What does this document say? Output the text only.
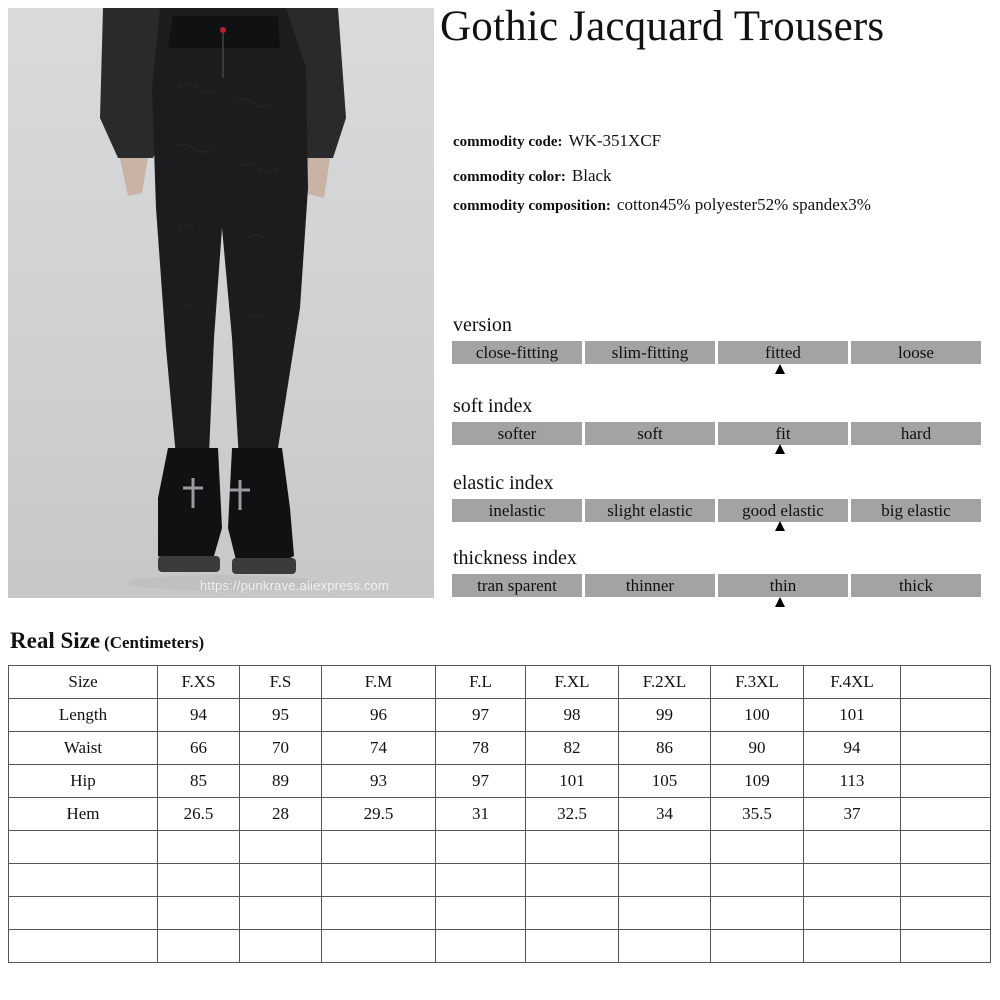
https://punkrave.aliexpress.com
Gothic Jacquard Trousers
commodity code: WK-351XCF
commodity color: Black
commodity composition: cotton45% polyester52% spandex3%
version
close-fitting	slim-fitting	fitted	loose
soft index
softer	soft	fit	hard
elastic index
inelastic	slight elastic	good elastic	big elastic
thickness index
tran sparent	thinner	thin	thick
Real Size (Centimeters)
Size	F.XS	F.S	F.M	F.L	F.XL	F.2XL	F.3XL	F.4XL	
Length	94	95	96	97	98	99	100	101	
Waist	66	70	74	78	82	86	90	94	
Hip	85	89	93	97	101	105	109	113	
Hem	26.5	28	29.5	31	32.5	34	35.5	37	
